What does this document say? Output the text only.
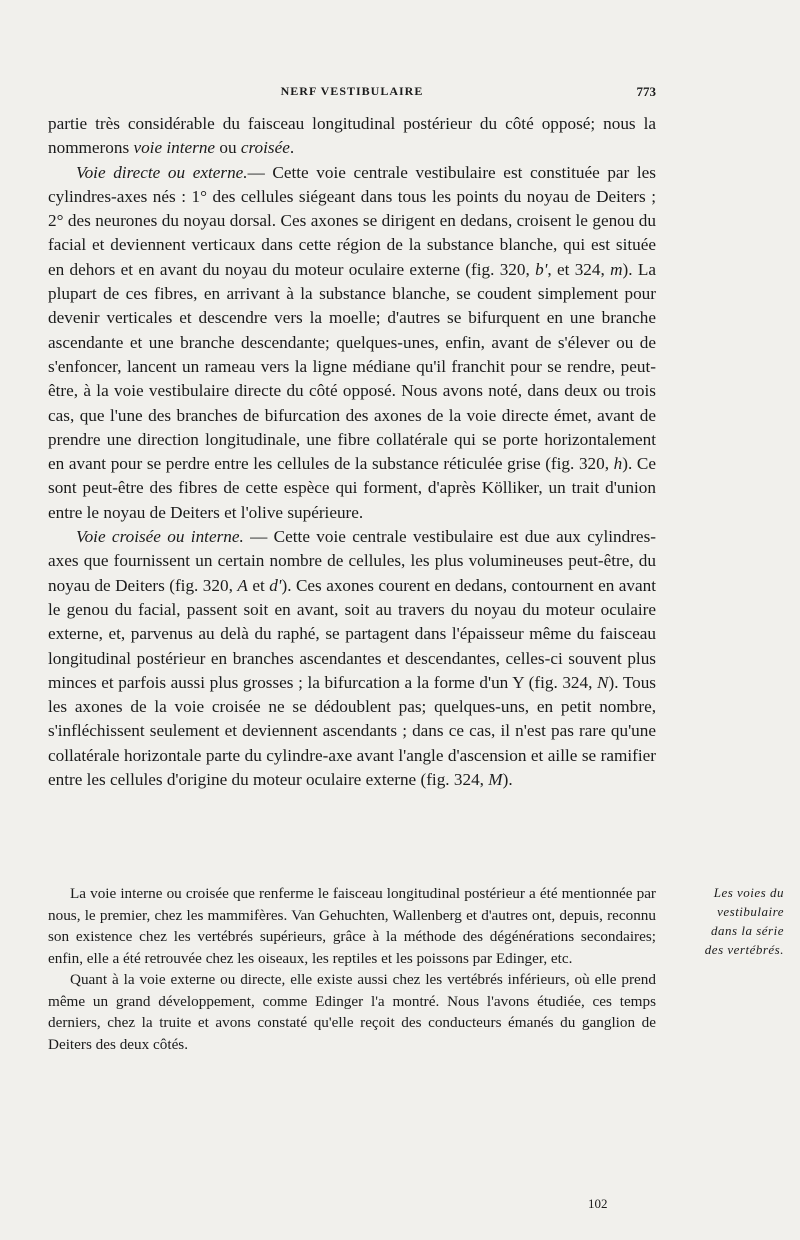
NERF VESTIBULAIRE	773

partie très considérable du faisceau longitudinal postérieur du côté opposé; nous la nommerons voie interne ou croisée.

Voie directe ou externe.— Cette voie centrale vestibulaire est constituée par les cylindres-axes nés : 1° des cellules siégeant dans tous les points du noyau de Deiters ; 2° des neurones du noyau dorsal. Ces axones se dirigent en dedans, croisent le genou du facial et deviennent verticaux dans cette région de la substance blanche, qui est située en dehors et en avant du noyau du moteur oculaire externe (fig. 320, b', et 324, m). La plupart de ces fibres, en arrivant à la substance blanche, se coudent simplement pour devenir verticales et descendre vers la moelle; d'autres se bifurquent en une branche ascendante et une branche descendante; quelques-unes, enfin, avant de s'élever ou de s'enfoncer, lancent un rameau vers la ligne médiane qu'il franchit pour se rendre, peut-être, à la voie vestibulaire directe du côté opposé. Nous avons noté, dans deux ou trois cas, que l'une des branches de bifurcation des axones de la voie directe émet, avant de prendre une direction longitudinale, une fibre collatérale qui se porte horizontalement en avant pour se perdre entre les cellules de la substance réticulée grise (fig. 320, h). Ce sont peut-être des fibres de cette espèce qui forment, d'après Kölliker, un trait d'union entre le noyau de Deiters et l'olive supérieure.

Voie croisée ou interne. — Cette voie centrale vestibulaire est due aux cylindres-axes que fournissent un certain nombre de cellules, les plus volumineuses peut-être, du noyau de Deiters (fig. 320, A et d'). Ces axones courent en dedans, contournent en avant le genou du facial, passent soit en avant, soit au travers du noyau du moteur oculaire externe, et, parvenus au delà du raphé, se partagent dans l'épaisseur même du faisceau longitudinal postérieur en branches ascendantes et descendantes, celles-ci souvent plus minces et parfois aussi plus grosses ; la bifurcation a la forme d'un Y (fig. 324, N). Tous les axones de la voie croisée ne se dédoublent pas; quelques-uns, en petit nombre, s'infléchissent seulement et deviennent ascendants ; dans ce cas, il n'est pas rare qu'une collatérale horizontale parte du cylindre-axe avant l'angle d'ascension et aille se ramifier entre les cellules d'origine du moteur oculaire externe (fig. 324, M).

La voie interne ou croisée que renferme le faisceau longitudinal postérieur a été mentionnée par nous, le premier, chez les mammifères. Van Gehuchten, Wallenberg et d'autres ont, depuis, reconnu son existence chez les vertébrés supérieurs, grâce à la méthode des dégénérations secondaires; enfin, elle a été retrouvée chez les oiseaux, les reptiles et les poissons par Edinger, etc.

Quant à la voie externe ou directe, elle existe aussi chez les vertébrés inférieurs, où elle prend même un grand développement, comme Edinger l'a montré. Nous l'avons étudiée, ces temps derniers, chez la truite et avons constaté qu'elle reçoit des conducteurs émanés du ganglion de Deiters des deux côtés.

Les voies du
vestibulaire
dans la série
des vertébrés.
102
